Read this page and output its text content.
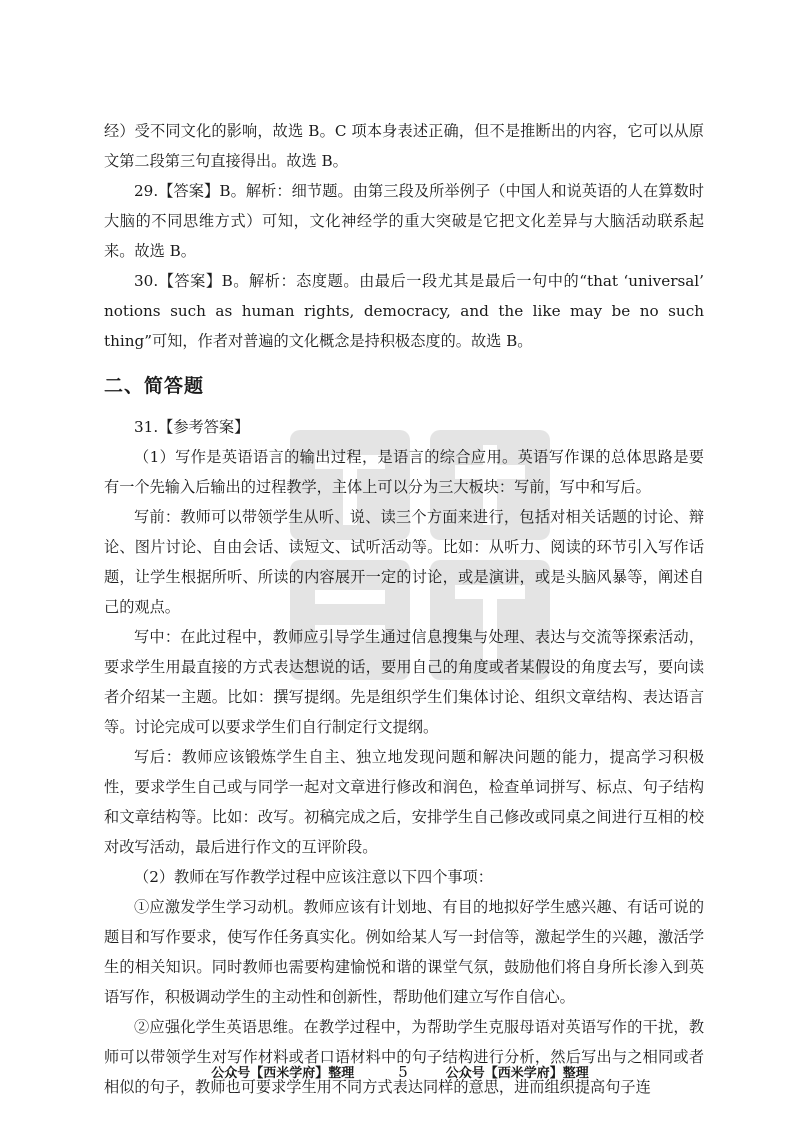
经）受不同文化的影响，故选 B。C 项本身表述正确，但不是推断出的内容，它可以从原文第二段第三句直接得出。故选 B。

29.【答案】B。解析：细节题。由第三段及所举例子（中国人和说英语的人在算数时大脑的不同思维方式）可知，文化神经学的重大突破是它把文化差异与大脑活动联系起来。故选 B。

30.【答案】B。解析：态度题。由最后一段尤其是最后一句中的“that ‘universal’ notions such as human rights, democracy, and the like may be no such thing”可知，作者对普遍的文化概念是持积极态度的。故选 B。

二、简答题

31.【参考答案】

（1）写作是英语语言的输出过程，是语言的综合应用。英语写作课的总体思路是要有一个先输入后输出的过程教学，主体上可以分为三大板块：写前，写中和写后。

写前：教师可以带领学生从听、说、读三个方面来进行，包括对相关话题的讨论、辩论、图片讨论、自由会话、读短文、试听活动等。比如：从听力、阅读的环节引入写作话题，让学生根据所听、所读的内容展开一定的讨论，或是演讲，或是头脑风暴等，阐述自己的观点。

写中：在此过程中，教师应引导学生通过信息搜集与处理、表达与交流等探索活动，要求学生用最直接的方式表达想说的话，要用自己的角度或者某假设的角度去写，要向读者介绍某一主题。比如：撰写提纲。先是组织学生们集体讨论、组织文章结构、表达语言等。讨论完成可以要求学生们自行制定行文提纲。

写后：教师应该锻炼学生自主、独立地发现问题和解决问题的能力，提高学习积极性，要求学生自己或与同学一起对文章进行修改和润色，检查单词拼写、标点、句子结构和文章结构等。比如：改写。初稿完成之后，安排学生自己修改或同桌之间进行互相的校对改写活动，最后进行作文的互评阶段。

（2）教师在写作教学过程中应该注意以下四个事项：

①应激发学生学习动机。教师应该有计划地、有目的地拟好学生感兴趣、有话可说的题目和写作要求，使写作任务真实化。例如给某人写一封信等，激起学生的兴趣，激活学生的相关知识。同时教师也需要构建愉悦和谐的课堂气氛，鼓励他们将自身所长渗入到英语写作，积极调动学生的主动性和创新性，帮助他们建立写作自信心。

②应强化学生英语思维。在教学过程中，为帮助学生克服母语对英语写作的干扰，教师可以带领学生对写作材料或者口语材料中的句子结构进行分析，然后写出与之相同或者相似的句子，教师也可要求学生用不同方式表达同样的意思，进而组织提高句子连

公众号【西米学府】整理	5	公众号【西米学府】整理
